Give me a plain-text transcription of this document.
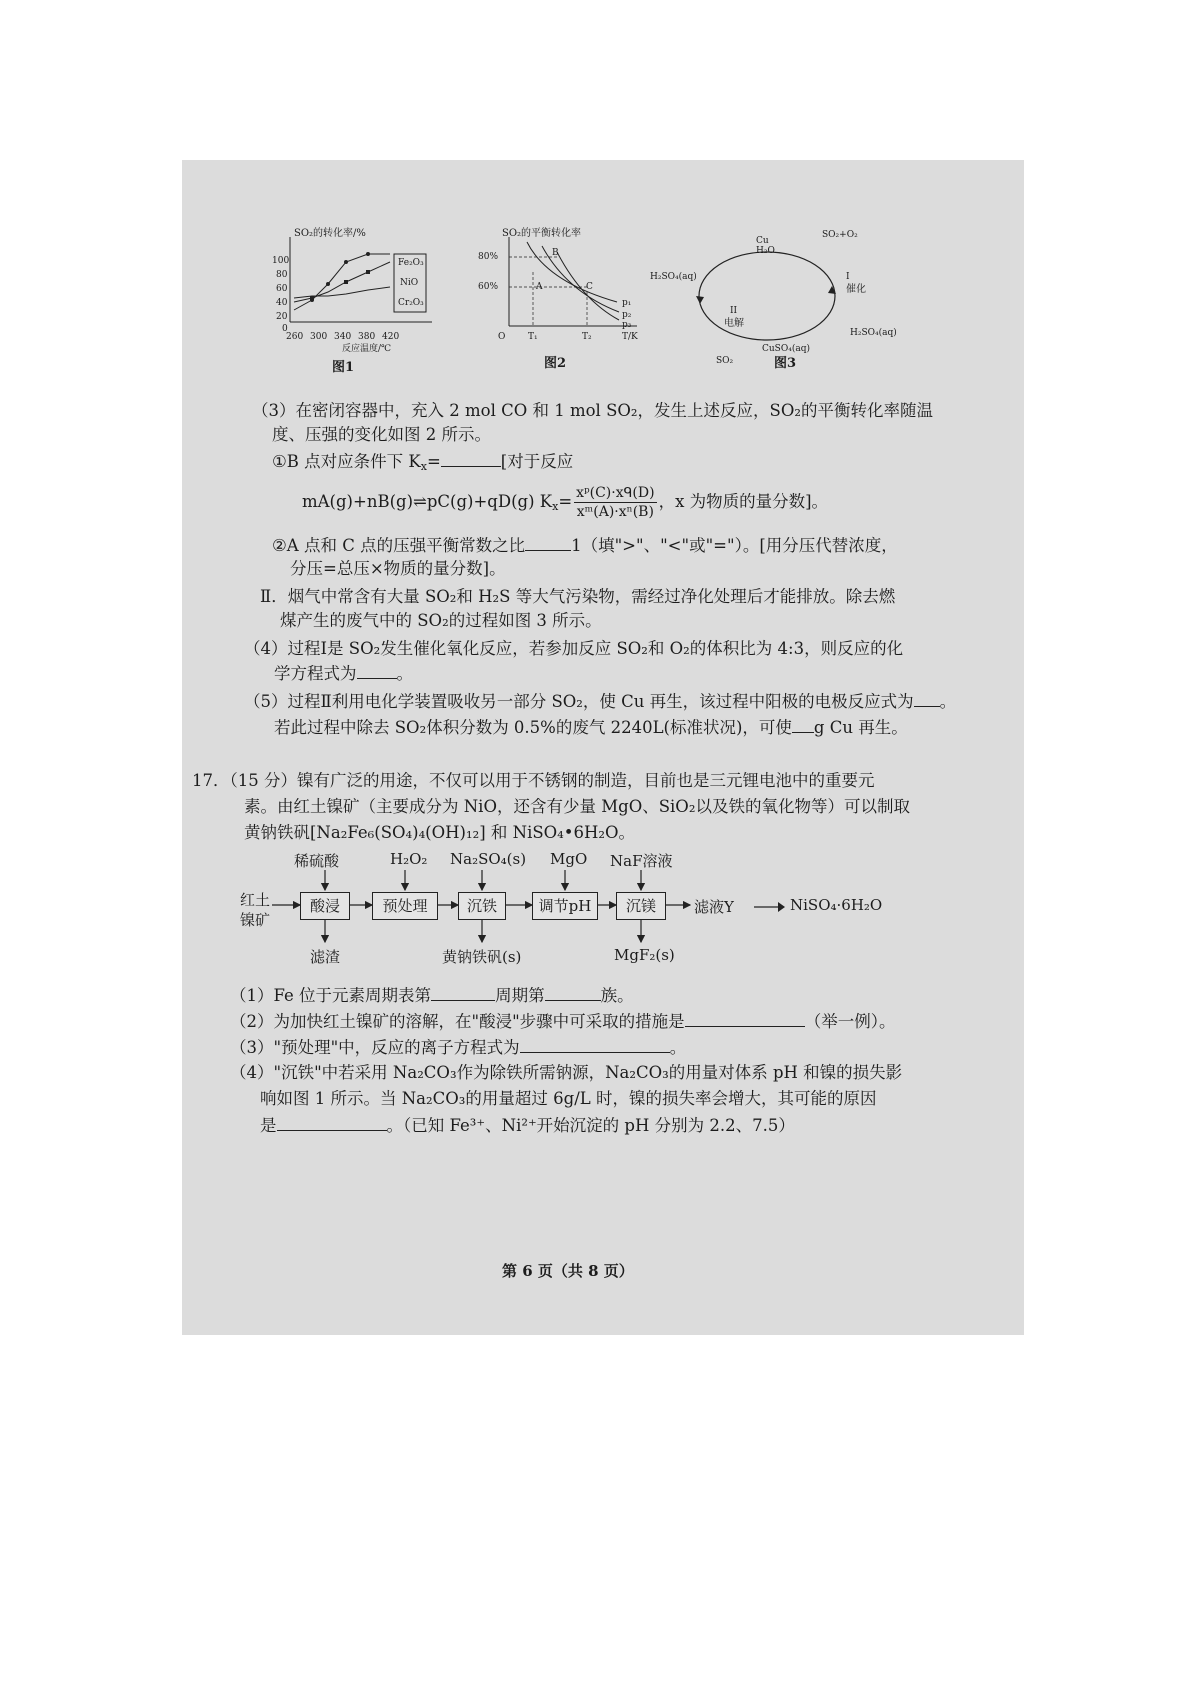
SO₂的转化率/%
100
80
60
40
20
0
260 300 340 380 420
反应温度/℃
Fe₂O₃
NiO
Cr₂O₃
图1
SO₂的平衡转化率
80%
60%	A
B
C
p₁
p₂
p₃
O	T₁	T₂	T/K
图2
Cu H₂O
SO₂+O₂
H₂SO₄(aq)	I
催化
II
电解
H₂SO₄(aq)
CuSO₄(aq)
SO₂	图3
（3）在密闭容器中，充入 2 mol CO 和 1 mol SO₂，发生上述反应，SO₂的平衡转化率随温
度、压强的变化如图 2 所示。
①B 点对应条件下 $K_x=$	[对于反应
mA(g)+nB(g)⇌pC(g)+qD(g) $K_x= \frac{\text{xᵖ(C)·xᑫ(D)}}{\text{xᵐ(A)·xⁿ(B)}}$ ，x 为物质的量分数]。
②A 点和 C 点的压强平衡常数之比	1（填">"、"<"或"="）。[用分压代替浓度，
分压=总压×物质的量分数]。
Ⅱ．烟气中常含有大量 SO₂和 H₂S 等大气污染物，需经过净化处理后才能排放。除去燃
煤产生的废气中的 SO₂的过程如图 3 所示。
（4）过程Ⅰ是 SO₂发生催化氧化反应，若参加反应 SO₂和 O₂的体积比为 4:3，则反应的化
学方程式为 。
（5）过程Ⅱ利用电化学装置吸收另一部分 SO₂，使 Cu 再生，该过程中阳极的电极反应式为 。
若此过程中除去 SO₂体积分数为 0.5%的废气 2240L(标准状况)，可使 g Cu 再生。
17．（15 分）镍有广泛的用途，不仅可以用于不锈钢的制造，目前也是三元锂电池中的重要元
素。由红土镍矿（主要成分为 NiO，还含有少量 MgO、SiO₂以及铁的氧化物等）可以制取
黄钠铁矾[Na₂Fe₆(SO₄)₄(OH)₁₂] 和 NiSO₄•6H₂O。
红土镍矿
稀硫酸	H₂O₂ Na₂SO₄(s) MgO NaF溶液
酸浸	预处理	沉铁	调节pH	沉镁	滤液Y	NiSO₄·6H₂O
滤渣	黄钠铁矾(s)	MgF₂(s)
（1）Fe 位于元素周期表第	周期第	族。
（2）为加快红土镍矿的溶解，在"酸浸"步骤中可采取的措施是	（举一例）。
（3）"预处理"中，反应的离子方程式为	。
（4）"沉铁"中若采用 Na₂CO₃作为除铁所需钠源，Na₂CO₃的用量对体系 pH 和镍的损失影
响如图 1 所示。当 Na₂CO₃的用量超过 6g/L 时，镍的损失率会增大，其可能的原因
是	。（已知 Fe³⁺、Ni²⁺开始沉淀的 pH 分别为 2.2、7.5）
第 6 页（共 8 页）
